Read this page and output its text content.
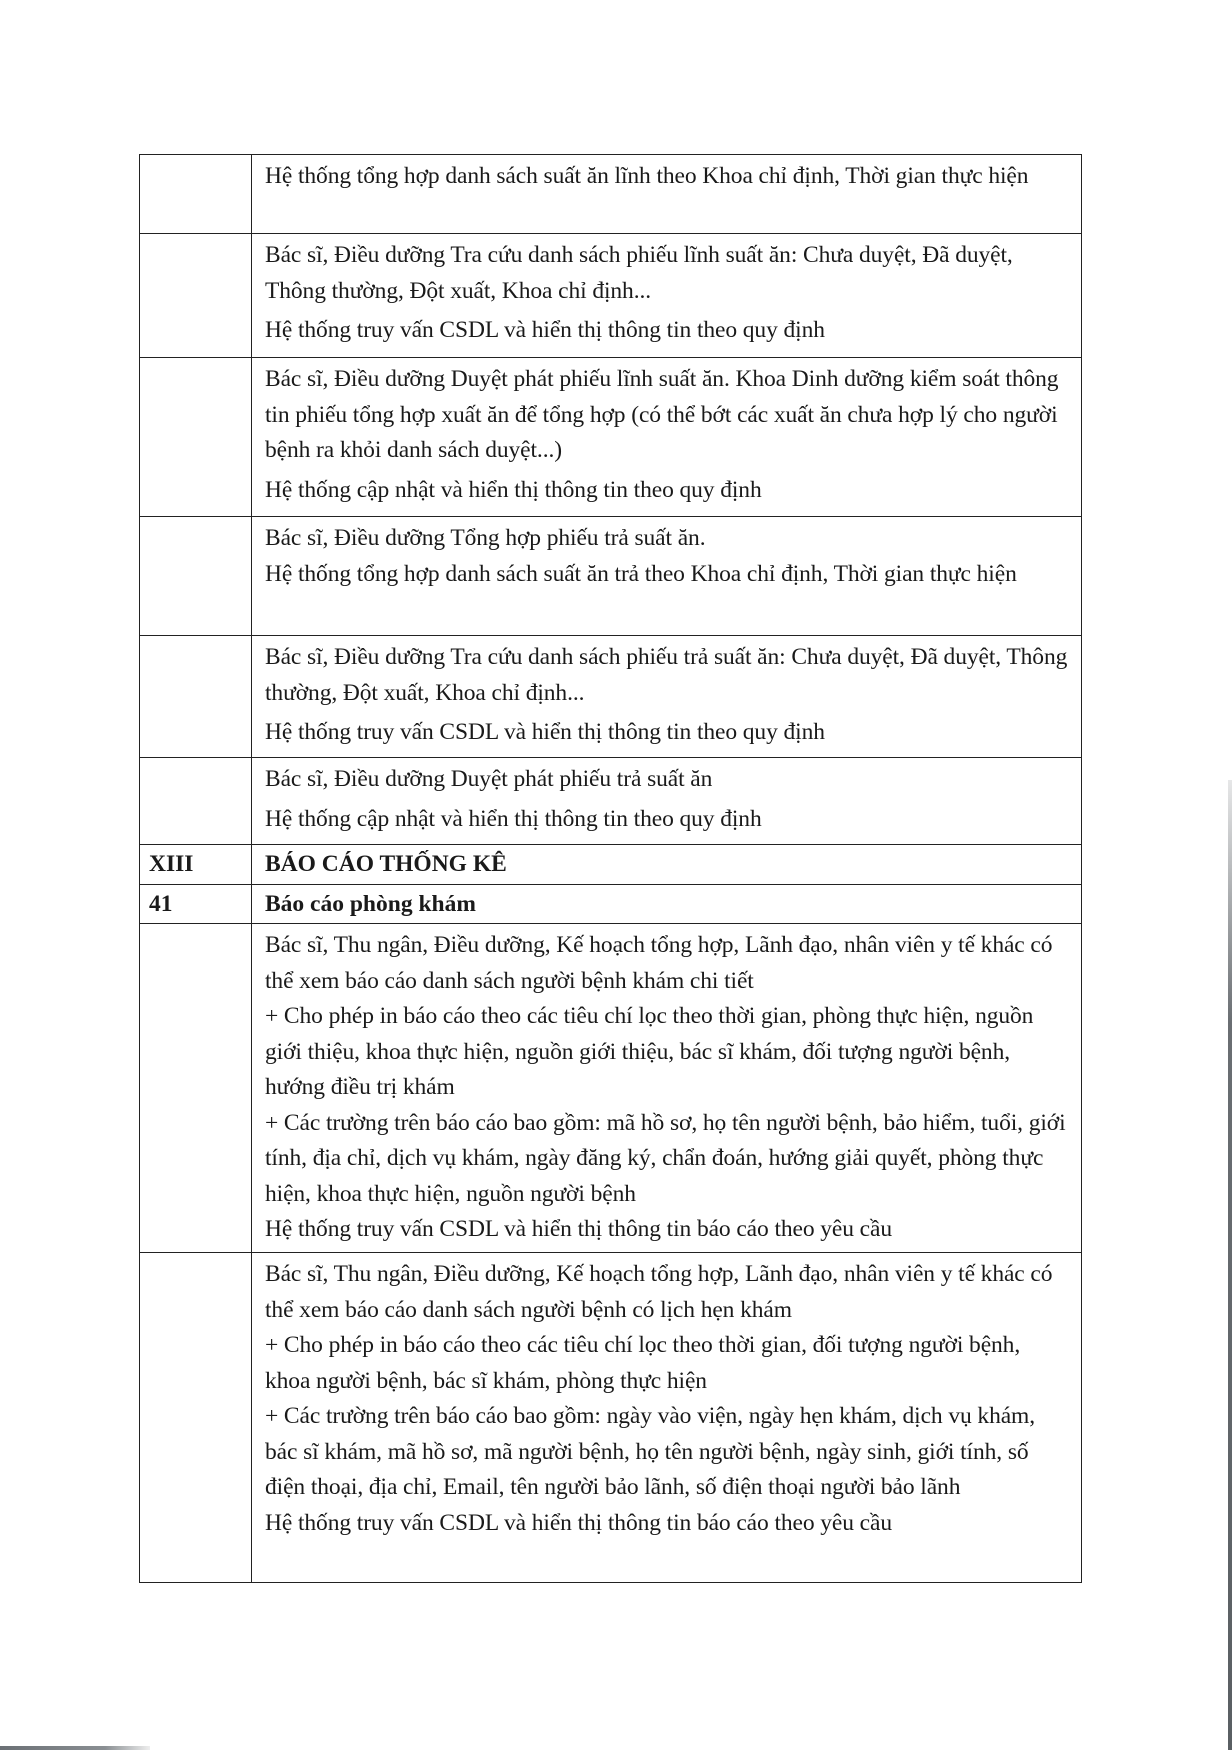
	Hệ thống tổng hợp danh sách suất ăn lĩnh theo Khoa chỉ định, Thời gian thực hiện

	Bác sĩ, Điều dưỡng Tra cứu danh sách phiếu lĩnh suất ăn: Chưa duyệt, Đã duyệt, Thông thường, Đột xuất, Khoa chỉ định...

Hệ thống truy vấn CSDL và hiển thị thông tin theo quy định

	Bác sĩ, Điều dưỡng Duyệt phát phiếu lĩnh suất ăn. Khoa Dinh dưỡng kiểm soát thông tin phiếu tổng hợp xuất ăn để tổng hợp (có thể bớt các xuất ăn chưa hợp lý cho người bệnh ra khỏi danh sách duyệt...)

Hệ thống cập nhật và hiển thị thông tin theo quy định

	Bác sĩ, Điều dưỡng Tổng hợp phiếu trả suất ăn.

Hệ thống tổng hợp danh sách suất ăn trả theo Khoa chỉ định, Thời gian thực hiện

	Bác sĩ, Điều dưỡng Tra cứu danh sách phiếu trả suất ăn: Chưa duyệt, Đã duyệt, Thông thường, Đột xuất, Khoa chỉ định...

Hệ thống truy vấn CSDL và hiển thị thông tin theo quy định

	Bác sĩ, Điều dưỡng Duyệt phát phiếu trả suất ăn

Hệ thống cập nhật và hiển thị thông tin theo quy định

XIII	BÁO CÁO THỐNG KÊ

41	Báo cáo phòng khám

	Bác sĩ, Thu ngân, Điều dưỡng, Kế hoạch tổng hợp, Lãnh đạo, nhân viên y tế khác có thể xem báo cáo danh sách người bệnh khám chi tiết

+ Cho phép in báo cáo theo các tiêu chí lọc theo thời gian, phòng thực hiện, nguồn giới thiệu, khoa thực hiện, nguồn giới thiệu, bác sĩ khám, đối tượng người bệnh, hướng điều trị khám

+ Các trường trên báo cáo bao gồm: mã hồ sơ, họ tên người bệnh, bảo hiểm, tuổi, giới tính, địa chỉ, dịch vụ khám, ngày đăng ký, chẩn đoán, hướng giải quyết, phòng thực hiện, khoa thực hiện, nguồn người bệnh

Hệ thống truy vấn CSDL và hiển thị thông tin báo cáo theo yêu cầu

	Bác sĩ, Thu ngân, Điều dưỡng, Kế hoạch tổng hợp, Lãnh đạo, nhân viên y tế khác có thể xem báo cáo danh sách người bệnh có lịch hẹn khám

+ Cho phép in báo cáo theo các tiêu chí lọc theo thời gian, đối tượng người bệnh, khoa người bệnh, bác sĩ khám, phòng thực hiện

+ Các trường trên báo cáo bao gồm: ngày vào viện, ngày hẹn khám, dịch vụ khám, bác sĩ khám, mã hồ sơ, mã người bệnh, họ tên người bệnh, ngày sinh, giới tính, số điện thoại, địa chỉ, Email, tên người bảo lãnh, số điện thoại người bảo lãnh

Hệ thống truy vấn CSDL và hiển thị thông tin báo cáo theo yêu cầu
